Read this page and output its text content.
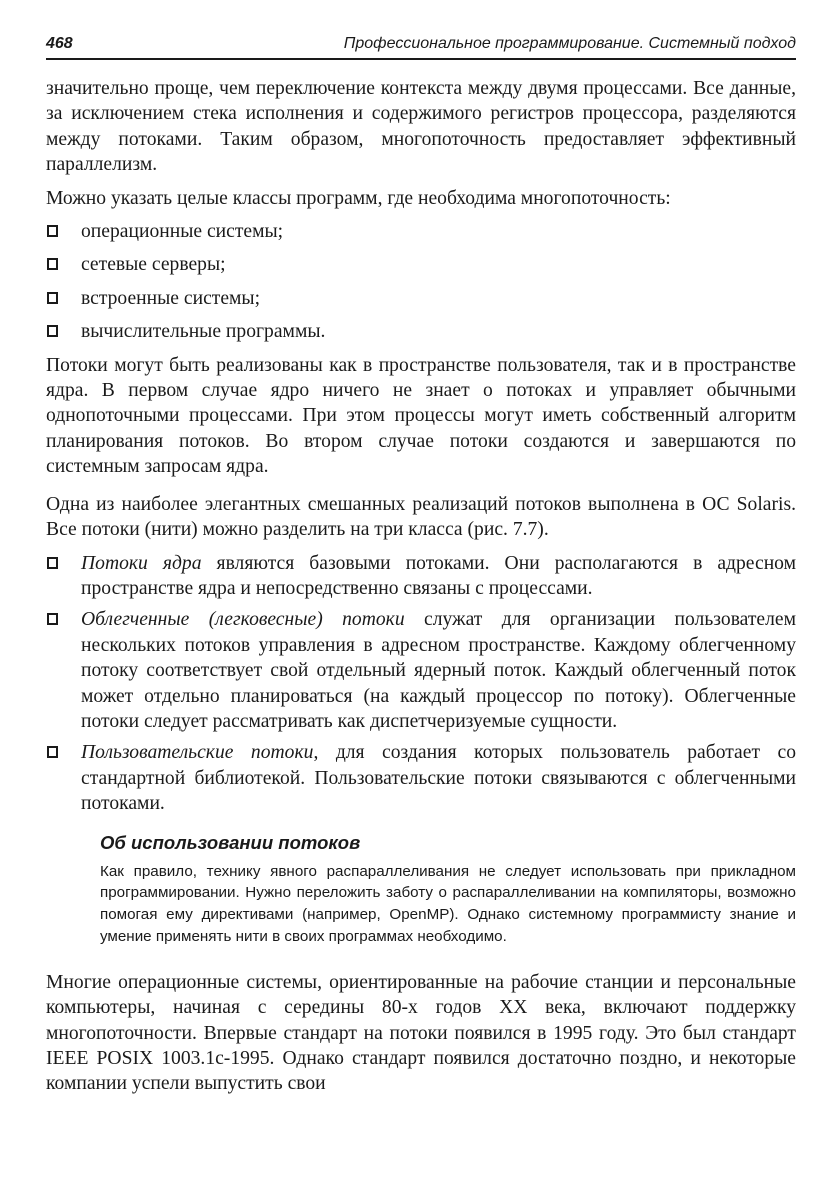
468	Профессиональное программирование. Системный подход

значительно проще, чем переключение контекста между двумя процессами. Все данные, за исключением стека исполнения и содержимого регистров процессора, разделяются между потоками. Таким образом, многопоточность предоставляет эффективный параллелизм.

Можно указать целые классы программ, где необходима многопоточность:

операционные системы;
сетевые серверы;
встроенные системы;
вычислительные программы.

Потоки могут быть реализованы как в пространстве пользователя, так и в пространстве ядра. В первом случае ядро ничего не знает о потоках и управляет обычными однопоточными процессами. При этом процессы могут иметь собственный алгоритм планирования потоков. Во втором случае потоки создаются и завершаются по системным запросам ядра.

Одна из наиболее элегантных смешанных реализаций потоков выполнена в ОС Solaris. Все потоки (нити) можно разделить на три класса (рис. 7.7).

Потоки ядра являются базовыми потоками. Они располагаются в адресном пространстве ядра и непосредственно связаны с процессами.
Облегченные (легковесные) потоки служат для организации пользователем нескольких потоков управления в адресном пространстве. Каждому облегченному потоку соответствует свой отдельный ядерный поток. Каждый облегченный поток может отдельно планироваться (на каждый процессор по потоку). Облегченные потоки следует рассматривать как диспетчеризуемые сущности.
Пользовательские потоки, для создания которых пользователь работает со стандартной библиотекой. Пользовательские потоки связываются с облегченными потоками.
Об использовании потоков
Как правило, технику явного распараллеливания не следует использовать при прикладном программировании. Нужно переложить заботу о распараллеливании на компиляторы, возможно помогая ему директивами (например, OpenMP). Однако системному программисту знание и умение применять нити в своих программах необходимо.

Многие операционные системы, ориентированные на рабочие станции и персональные компьютеры, начиная с середины 80-х годов XX века, включают поддержку многопоточности. Впервые стандарт на потоки появился в 1995 году. Это был стандарт IEEE POSIX 1003.1c-1995. Однако стандарт появился достаточно поздно, и некоторые компании успели выпустить свои
